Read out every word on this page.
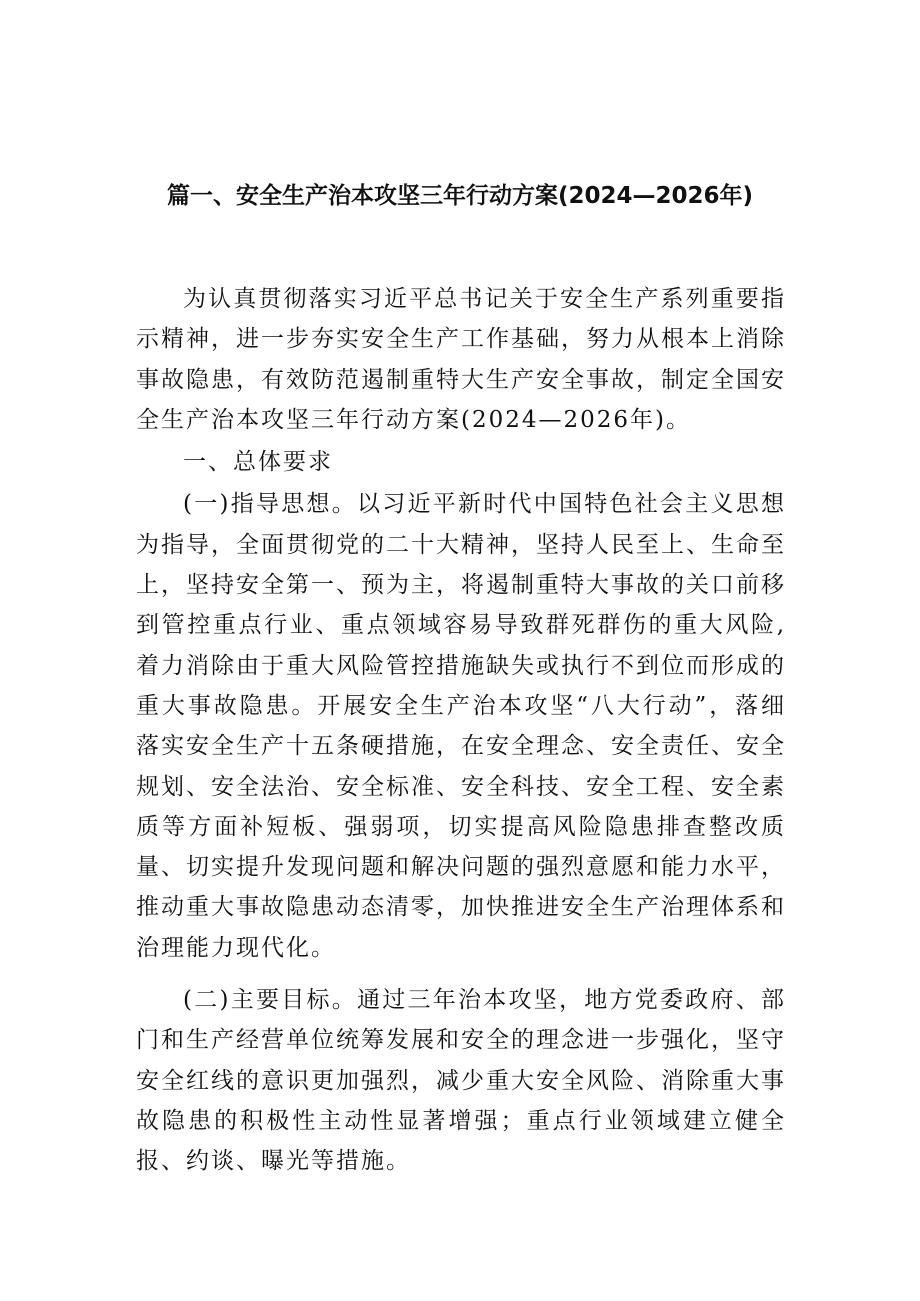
篇一、安全生产治本攻坚三年行动方案(2024—2026年)

为认真贯彻落实习近平总书记关于安全生产系列重要指示精神，进一步夯实安全生产工作基础，努力从根本上消除事故隐患，有效防范遏制重特大生产安全事故，制定全国安全生产治本攻坚三年行动方案(2024—2026年)。

一、总体要求

(一)指导思想。以习近平新时代中国特色社会主义思想为指导，全面贯彻党的二十大精神，坚持人民至上、生命至上，坚持安全第一、预为主，将遏制重特大事故的关口前移到管控重点行业、重点领域容易导致群死群伤的重大风险,着力消除由于重大风险管控措施缺失或执行不到位而形成的重大事故隐患。开展安全生产治本攻坚“八大行动”，落细落实安全生产十五条硬措施，在安全理念、安全责任、安全规划、安全法治、安全标准、安全科技、安全工程、安全素质等方面补短板、强弱项，切实提高风险隐患排查整改质量、切实提升发现问题和解决问题的强烈意愿和能力水平，推动重大事故隐患动态清零，加快推进安全生产治理体系和治理能力现代化。

(二)主要目标。通过三年治本攻坚，地方党委政府、部门和生产经营单位统筹发展和安全的理念进一步强化，坚守安全红线的意识更加强烈，减少重大安全风险、消除重大事故隐患的积极性主动性显著增强；重点行业领域建立健全报、约谈、曝光等措施。
